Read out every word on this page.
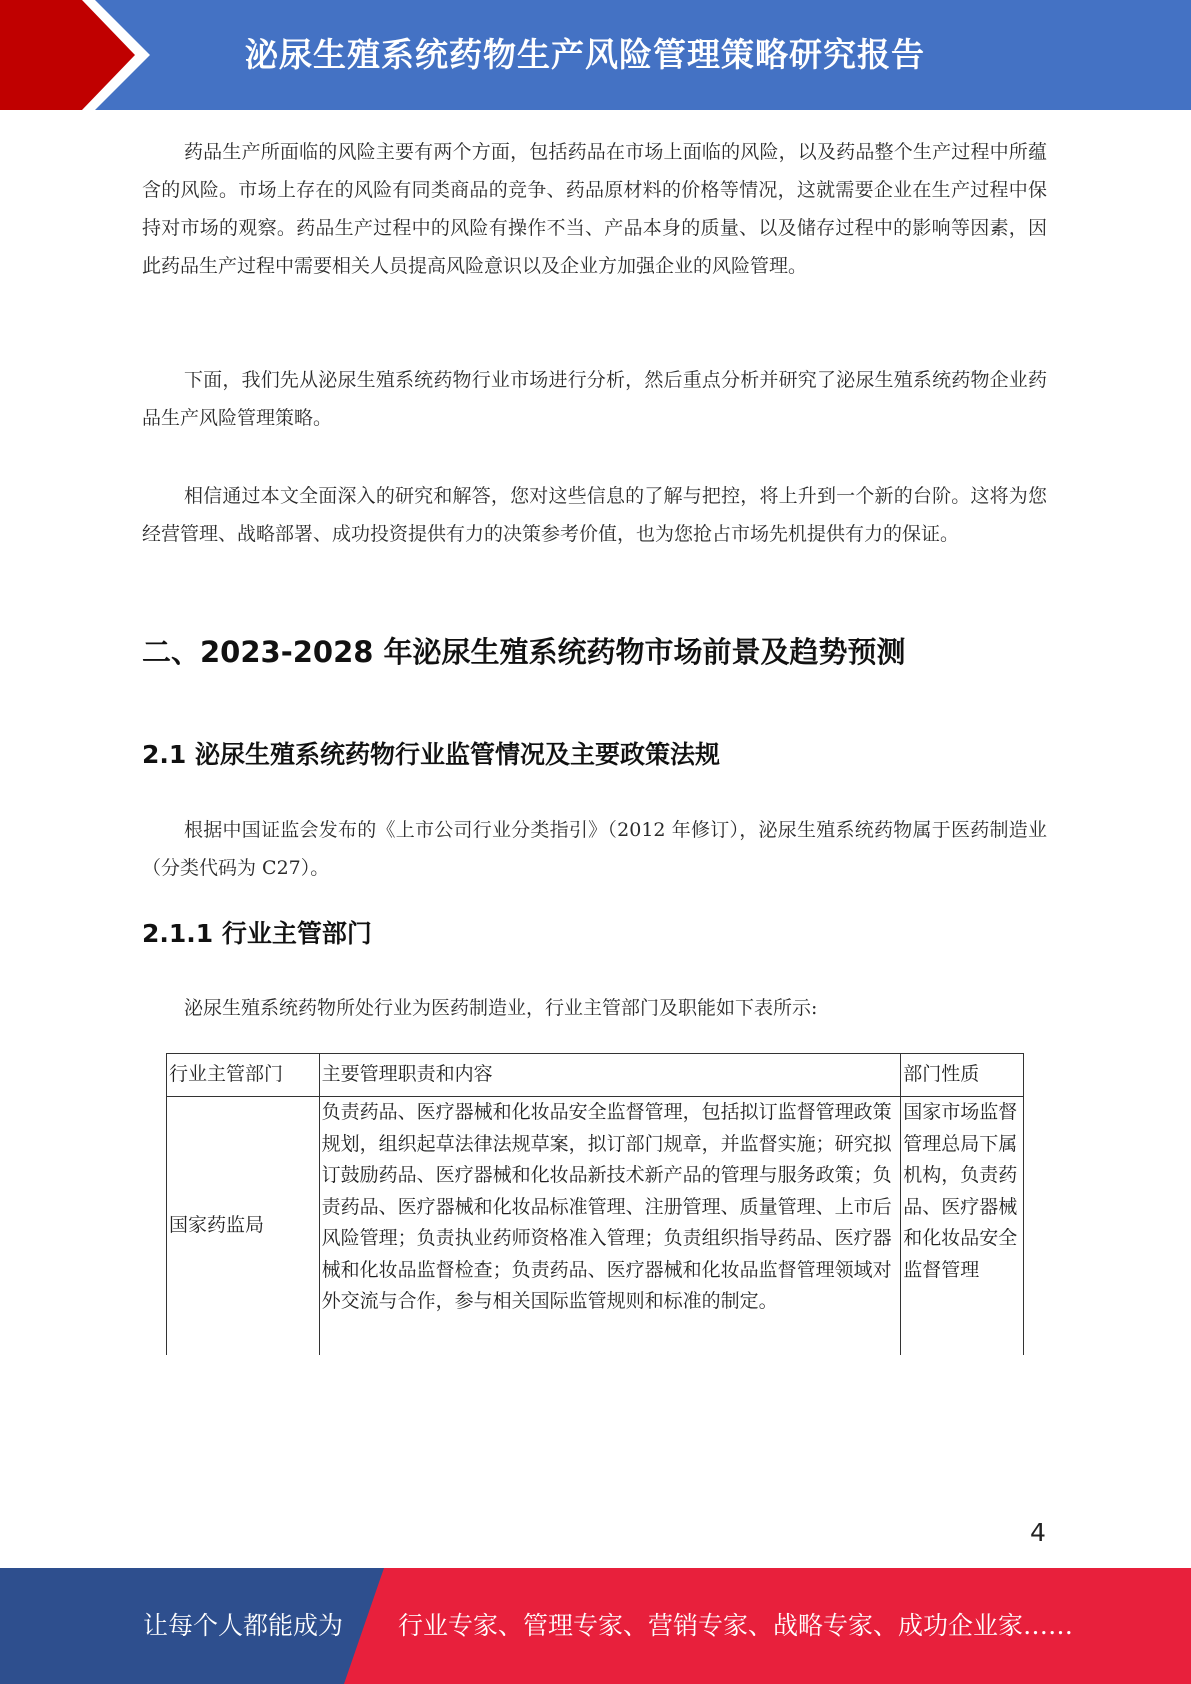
泌尿生殖系统药物生产风险管理策略研究报告

药品生产所面临的风险主要有两个方面，包括药品在市场上面临的风险，以及药品整个生产过程中所蕴含的风险。市场上存在的风险有同类商品的竞争、药品原材料的价格等情况，这就需要企业在生产过程中保持对市场的观察。药品生产过程中的风险有操作不当、产品本身的质量、以及储存过程中的影响等因素，因此药品生产过程中需要相关人员提高风险意识以及企业方加强企业的风险管理。

下面，我们先从泌尿生殖系统药物行业市场进行分析，然后重点分析并研究了泌尿生殖系统药物企业药品生产风险管理策略。

相信通过本文全面深入的研究和解答，您对这些信息的了解与把控，将上升到一个新的台阶。这将为您经营管理、战略部署、成功投资提供有力的决策参考价值，也为您抢占市场先机提供有力的保证。

二、2023-2028 年泌尿生殖系统药物市场前景及趋势预测
2.1 泌尿生殖系统药物行业监管情况及主要政策法规

根据中国证监会发布的《上市公司行业分类指引》（2012 年修订），泌尿生殖系统药物属于医药制造业（分类代码为 C27）。

2.1.1 行业主管部门

泌尿生殖系统药物所处行业为医药制造业，行业主管部门及职能如下表所示:

行业主管部门	主要管理职责和内容	部门性质
国家药监局	负责药品、医疗器械和化妆品安全监督管理，包括拟订监督管理政策规划，组织起草法律法规草案，拟订部门规章，并监督实施；研究拟订鼓励药品、医疗器械和化妆品新技术新产品的管理与服务政策；负责药品、医疗器械和化妆品标准管理、注册管理、质量管理、上市后风险管理；负责执业药师资格准入管理；负责组织指导药品、医疗器械和化妆品监督检查；负责药品、医疗器械和化妆品监督管理领域对外交流与合作，参与相关国际监管规则和标准的制定。	国家市场监督管理总局下属机构，负责药品、医疗器械和化妆品安全监督管理
4
让每个人都能成为 行业专家、管理专家、营销专家、战略专家、成功企业家……
